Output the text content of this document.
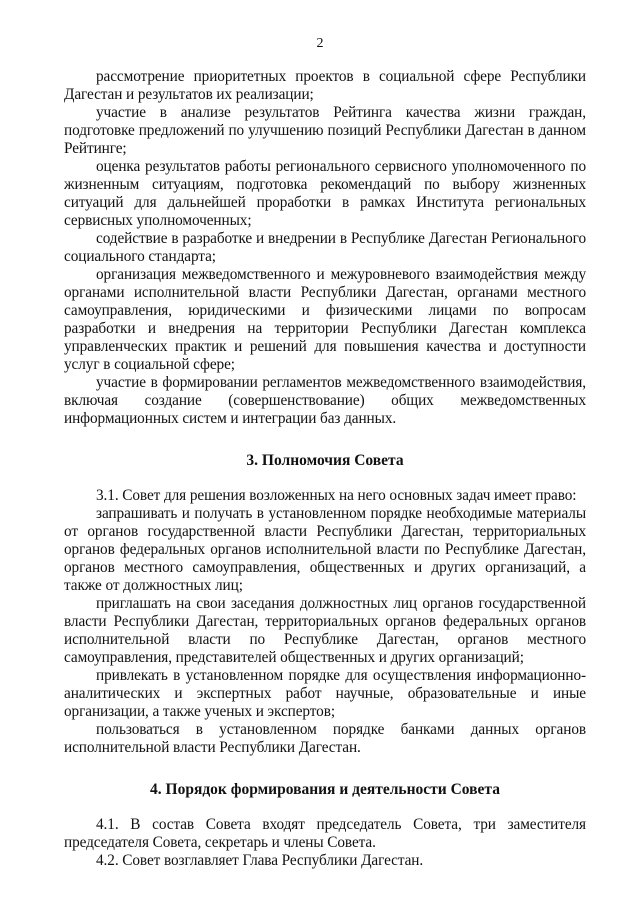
2

рассмотрение приоритетных проектов в социальной сфере Республики Дагестан и результатов их реализации;

участие в анализе результатов Рейтинга качества жизни граждан, подготовке предложений по улучшению позиций Республики Дагестан в данном Рейтинге;

оценка результатов работы регионального сервисного уполномоченного по жизненным ситуациям, подготовка рекомендаций по выбору жизненных ситуаций для дальнейшей проработки в рамках Института региональных сервисных уполномоченных;

содействие в разработке и внедрении в Республике Дагестан Регионального социального стандарта;

организация межведомственного и межуровневого взаимодействия между органами исполнительной власти Республики Дагестан, органами местного самоуправления, юридическими и физическими лицами по вопросам разработки и внедрения на территории Республики Дагестан комплекса управленческих практик и решений для повышения качества и доступности услуг в социальной сфере;

участие в формировании регламентов межведомственного взаимодействия, включая создание (совершенствование) общих межведомственных информационных систем и интеграции баз данных.

3. Полномочия Совета

3.1. Совет для решения возложенных на него основных задач имеет право:

запрашивать и получать в установленном порядке необходимые материалы от органов государственной власти Республики Дагестан, территориальных органов федеральных органов исполнительной власти по Республике Дагестан, органов местного самоуправления, общественных и других организаций, а также от должностных лиц;

приглашать на свои заседания должностных лиц органов государственной власти Республики Дагестан, территориальных органов федеральных органов исполнительной власти по Республике Дагестан, органов местного самоуправления, представителей общественных и других организаций;

привлекать в установленном порядке для осуществления информационно-аналитических и экспертных работ научные, образовательные и иные организации, а также ученых и экспертов;

пользоваться в установленном порядке банками данных органов исполнительной власти Республики Дагестан.

4. Порядок формирования и деятельности Совета

4.1. В состав Совета входят председатель Совета, три заместителя председателя Совета, секретарь и члены Совета.

4.2. Совет возглавляет Глава Республики Дагестан.
